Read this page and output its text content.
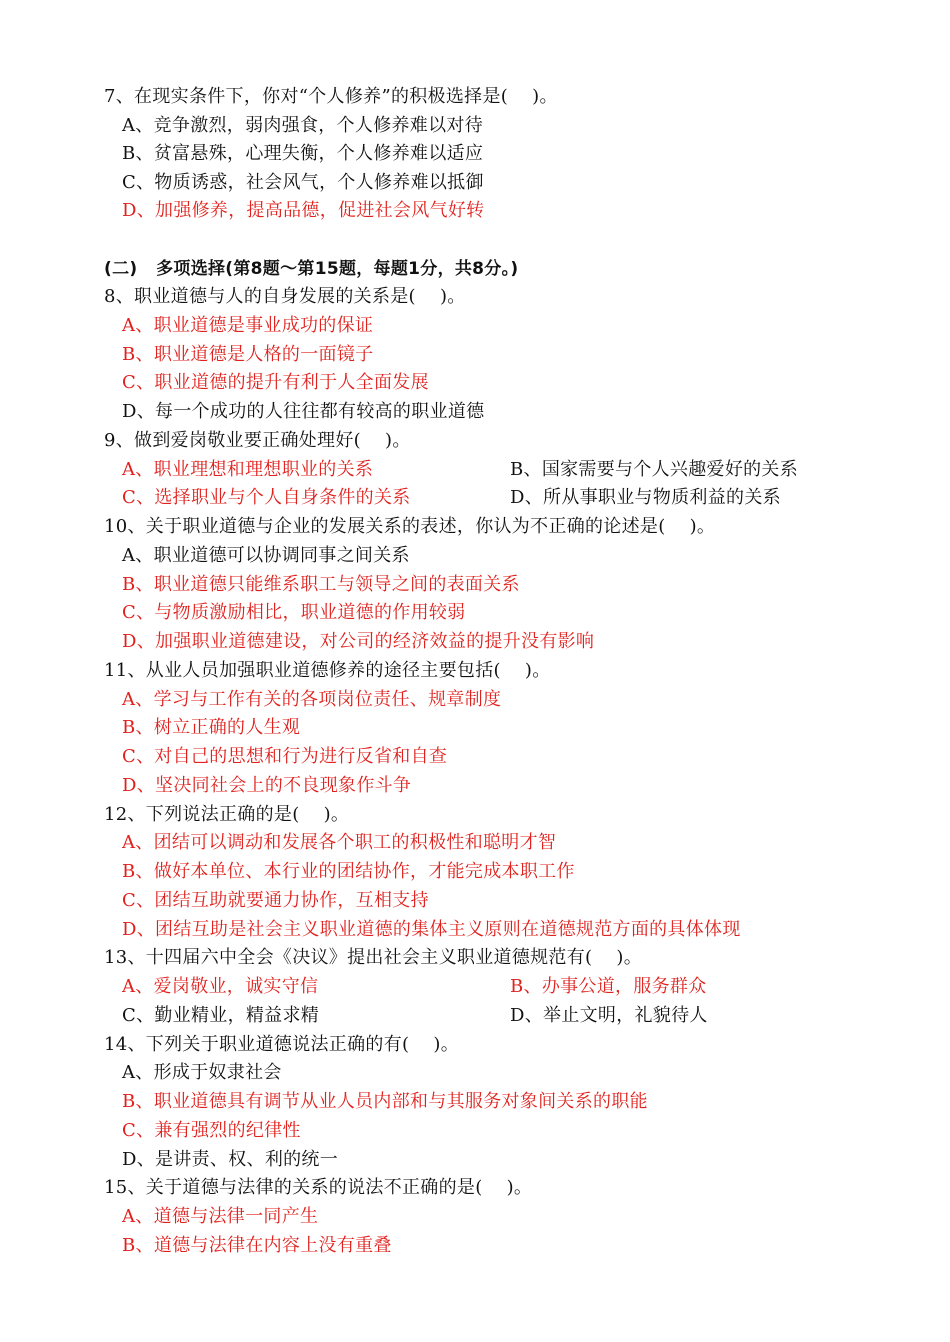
7、在现实条件下，你对“个人修养”的积极选择是(    )。
A、竞争激烈，弱肉强食，个人修养难以对待
B、贫富悬殊，心理失衡，个人修养难以适应
C、物质诱惑，社会风气，个人修养难以抵御
D、加强修养，提高品德，促进社会风气好转
(二)   多项选择(第8题～第15题，每题1分，共8分。)
8、职业道德与人的自身发展的关系是(    )。
A、职业道德是事业成功的保证
B、职业道德是人格的一面镜子
C、职业道德的提升有利于人全面发展
D、每一个成功的人往往都有较高的职业道德
9、做到爱岗敬业要正确处理好(    )。
A、职业理想和理想职业的关系	B、国家需要与个人兴趣爱好的关系
C、选择职业与个人自身条件的关系	D、所从事职业与物质利益的关系
10、关于职业道德与企业的发展关系的表述，你认为不正确的论述是(    )。
A、职业道德可以协调同事之间关系
B、职业道德只能维系职工与领导之间的表面关系
C、与物质激励相比，职业道德的作用较弱
D、加强职业道德建设，对公司的经济效益的提升没有影响
11、从业人员加强职业道德修养的途径主要包括(    )。
A、学习与工作有关的各项岗位责任、规章制度
B、树立正确的人生观
C、对自己的思想和行为进行反省和自查
D、坚决同社会上的不良现象作斗争
12、下列说法正确的是(    )。
A、团结可以调动和发展各个职工的积极性和聪明才智
B、做好本单位、本行业的团结协作，才能完成本职工作
C、团结互助就要通力协作，互相支持
D、团结互助是社会主义职业道德的集体主义原则在道德规范方面的具体体现
13、十四届六中全会《决议》提出社会主义职业道德规范有(    )。
A、爱岗敬业，诚实守信	B、办事公道，服务群众
C、勤业精业，精益求精	D、举止文明，礼貌待人
14、下列关于职业道德说法正确的有(    )。
A、形成于奴隶社会
B、职业道德具有调节从业人员内部和与其服务对象间关系的职能
C、兼有强烈的纪律性
D、是讲责、权、利的统一
15、关于道德与法律的关系的说法不正确的是(    )。
A、道德与法律一同产生
B、道德与法律在内容上没有重叠
